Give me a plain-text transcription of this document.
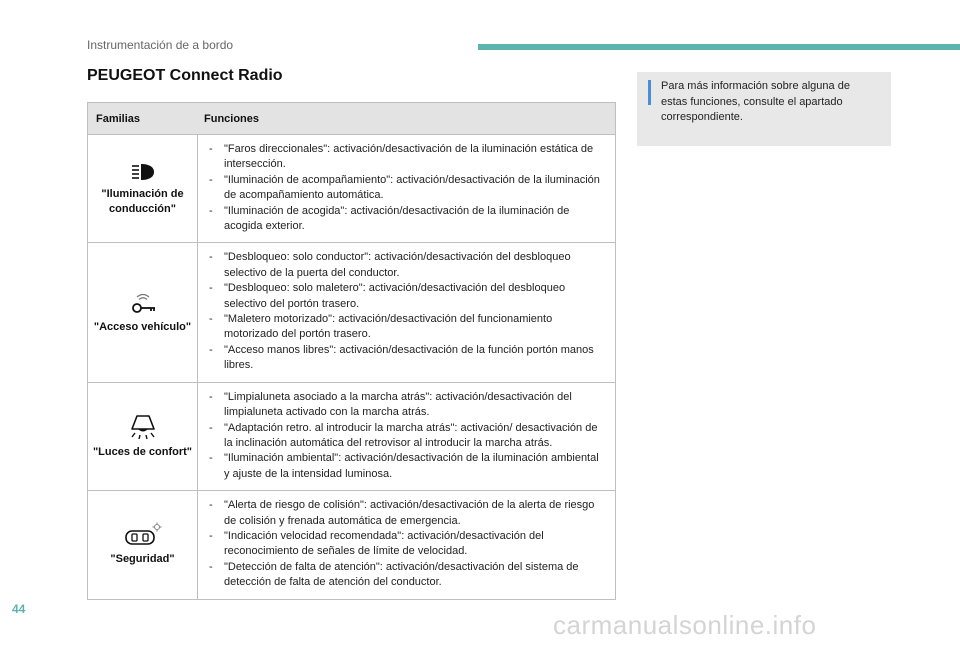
Instrumentación de a bordo
PEUGEOT Connect Radio
Familias	Funciones
"Iluminación de conducción"
- "Faros direccionales": activación/desactivación de la iluminación estática de intersección.
- "Iluminación de acompañamiento": activación/desactivación de la iluminación de acompañamiento automática.
- "Iluminación de acogida": activación/desactivación de la iluminación de acogida exterior.
"Acceso vehículo"
- "Desbloqueo: solo conductor": activación/desactivación del desbloqueo selectivo de la puerta del conductor.
- "Desbloqueo: solo maletero": activación/desactivación del desbloqueo selectivo del portón trasero.
- "Maletero motorizado": activación/desactivación del funcionamiento motorizado del portón trasero.
- "Acceso manos libres": activación/desactivación de la función portón manos libres.
"Luces de confort"
- "Limpialuneta asociado a la marcha atrás": activación/desactivación del limpialuneta activado con la marcha atrás.
- "Adaptación retro. al introducir la marcha atrás": activación/ desactivación de la inclinación automática del retrovisor al introducir la marcha atrás.
- "Iluminación ambiental": activación/desactivación de la iluminación ambiental y ajuste de la intensidad luminosa.
"Seguridad"
- "Alerta de riesgo de colisión": activación/desactivación de la alerta de riesgo de colisión y frenada automática de emergencia.
- "Indicación velocidad recomendada": activación/desactivación del reconocimiento de señales de límite de velocidad.
- "Detección de falta de atención": activación/desactivación del sistema de detección de falta de atención del conductor.
Para más información sobre alguna de estas funciones, consulte el apartado correspondiente.
44
carmanualsonline.info
